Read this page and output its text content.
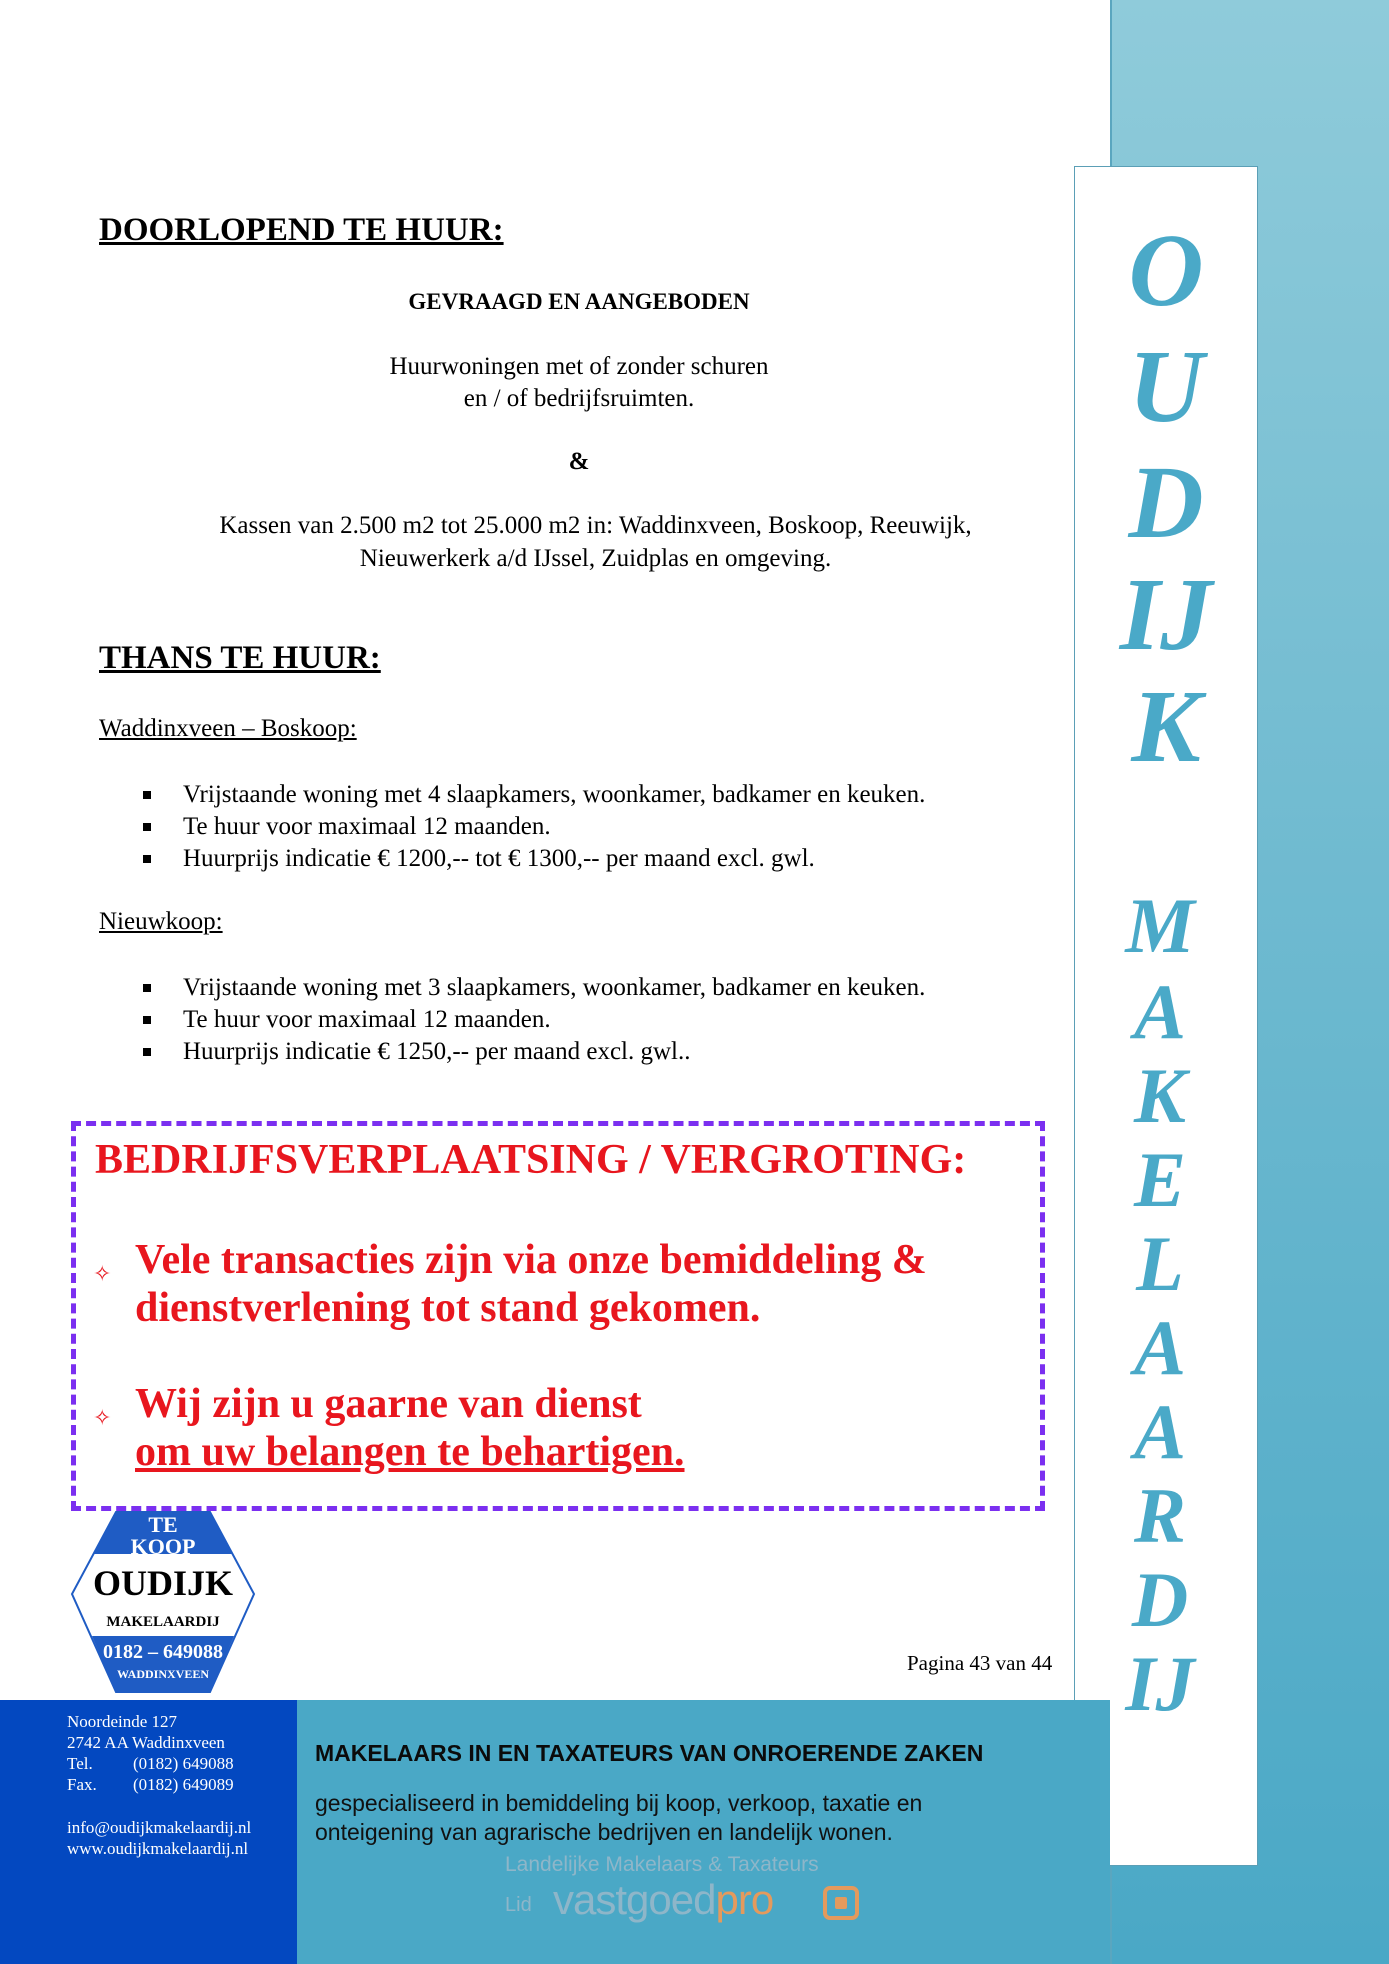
O
U
D
IJ
K
M
A
K
E
L
A
A
R
D
IJ
DOORLOPEND TE HUUR:
GEVRAAGD EN AANGEBODEN
Huurwoningen met of zonder schuren
en / of bedrijfsruimten.
&
Kassen van 2.500 m2 tot 25.000 m2 in: Waddinxveen, Boskoop, Reeuwijk,
Nieuwerkerk a/d IJssel, Zuidplas en omgeving.
THANS TE HUUR:
Waddinxveen – Boskoop:
Vrijstaande woning met 4 slaapkamers, woonkamer, badkamer en keuken.
Te huur voor maximaal 12 maanden.
Huurprijs indicatie € 1200,-- tot € 1300,-- per maand excl. gwl.
Nieuwkoop:
Vrijstaande woning met 3 slaapkamers, woonkamer, badkamer en keuken.
Te huur voor maximaal 12 maanden.
Huurprijs indicatie € 1250,-- per maand excl. gwl..
BEDRIJFSVERPLAATSING / VERGROTING:
✧ Vele transacties zijn via onze bemiddeling &
dienstverlening tot stand gekomen.
✧ Wij zijn u gaarne van dienst
om uw belangen te behartigen.
TE
KOOP
OUDIJK
MAKELAARDIJ
0182 – 649088
WADDINXVEEN	Pagina 43 van 44
Noordeinde 127
2742 AA Waddinxveen
Tel. (0182) 649088
Fax. (0182) 649089
info@oudijkmakelaardij.nl
www.oudijkmakelaardij.nl
MAKELAARS IN EN TAXATEURS VAN ONROERENDE ZAKEN
gespecialiseerd in bemiddeling bij koop, verkoop, taxatie en
onteigening van agrarische bedrijven en landelijk wonen.
Landelijke Makelaars & Taxateurs
Lid vastgoedpro
